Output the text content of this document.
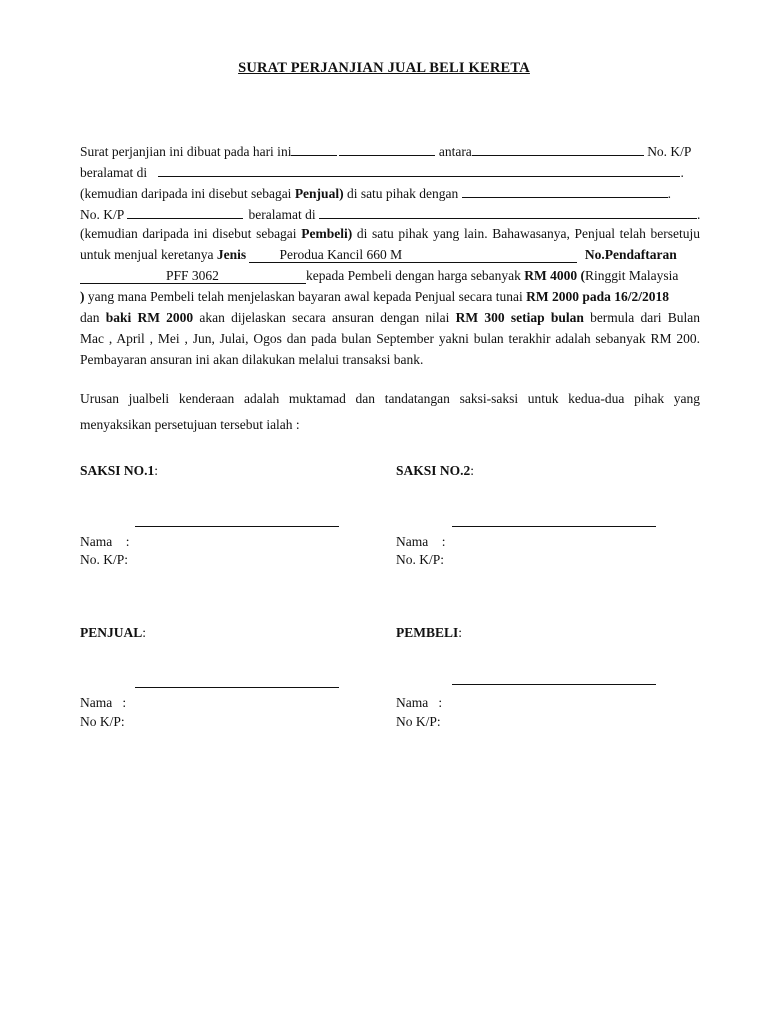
SURAT PERJANJIAN JUAL BELI KERETA
Surat perjanjian ini dibuat pada hari ini	antara	No. K/P
beralamat di	.
(kemudian daripada ini disebut sebagai Penjual) di satu pihak dengan	.
No. K/P	beralamat di	.
(kemudian daripada ini disebut sebagai Pembeli) di satu pihak yang lain. Bahawasanya, Penjual telah bersetuju
untuk menjual keretanya Jenis Perodua Kancil 660 M	No.Pendaftaran
PFF 3062	kepada Pembeli dengan harga sebanyak RM 4000 (Ringgit Malaysia
) yang mana Pembeli telah menjelaskan bayaran awal kepada Penjual secara tunai RM 2000 pada 16/2/2018
dan baki RM 2000 akan dijelaskan secara ansuran dengan nilai RM 300 setiap bulan bermula dari Bulan
Mac , April , Mei , Jun, Julai, Ogos dan pada bulan September yakni bulan terakhir adalah sebanyak RM 200.
Pembayaran ansuran ini akan dilakukan melalui transaksi bank.
Urusan jualbeli kenderaan adalah muktamad dan tandatangan saksi-saksi untuk kedua-dua pihak yang
menyaksikan persetujuan tersebut ialah :
SAKSI NO.1:	SAKSI NO.2:
Nama    :
No. K/P:
Nama    :
No. K/P:
PENJUAL:	PEMBELI:
Nama   :
No K/P:
Nama   :
No K/P:
